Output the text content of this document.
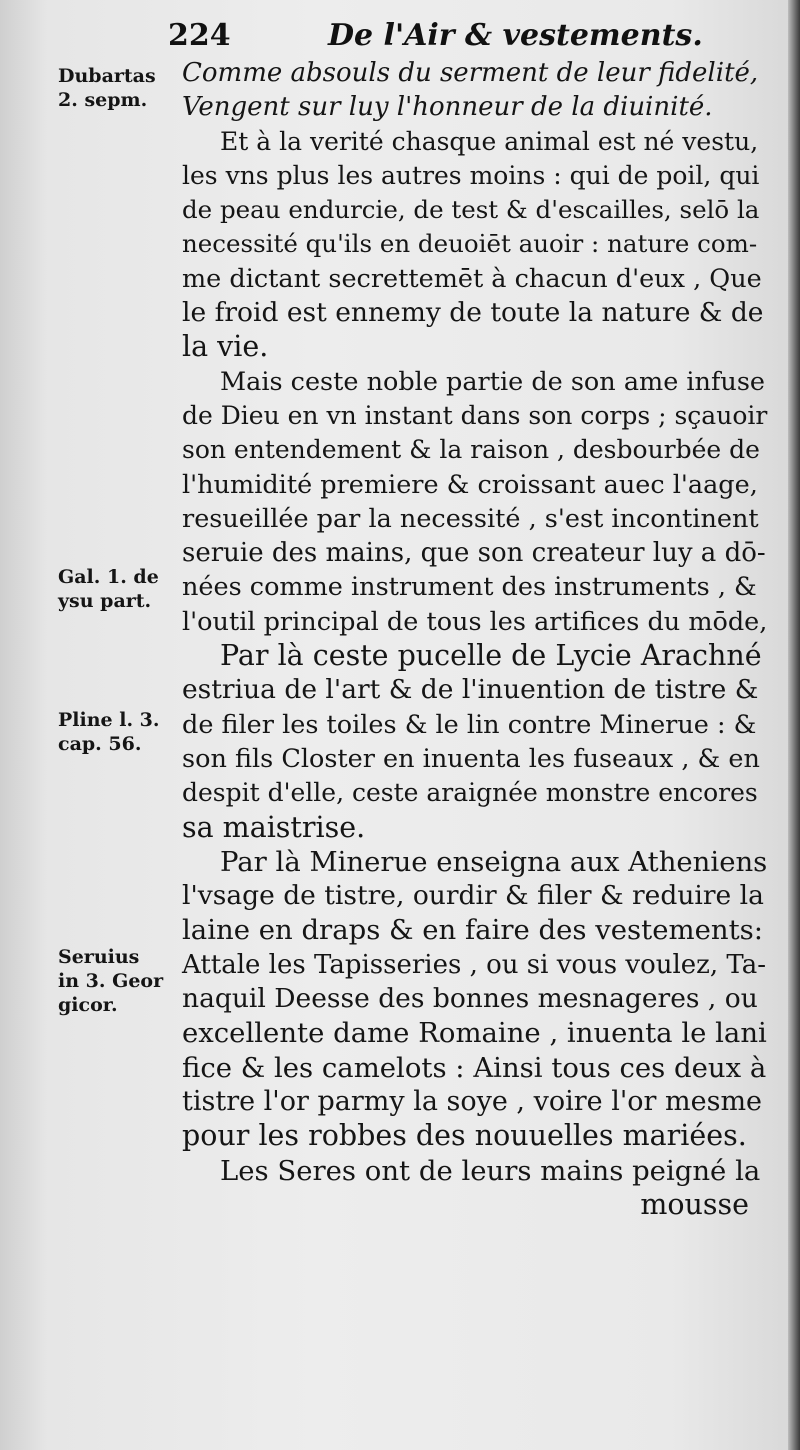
224	De l'Air & vestements.
Dubartas
2. sepm.
Gal. 1. de
ysu part.
Pline l. 3.
cap. 56.
Seruius
in 3. Geor
gicor.
Comme absouls du serment de leur fidelité,
Vengent sur luy l'honneur de la diuinité.
Et à la verité chasque animal est né vestu,
les vns plus les autres moins : qui de poil, qui
de peau endurcie, de test & d'escailles, selō la
necessité qu'ils en deuoiēt auoir : nature com-
me dictant secrettemēt à chacun d'eux , Que
le froid est ennemy de toute la nature & de
la vie.
Mais ceste noble partie de son ame infuse
de Dieu en vn instant dans son corps ; sçauoir
son entendement & la raison , desbourbée de
l'humidité premiere & croissant auec l'aage,
resueillée par la necessité , s'est incontinent
seruie des mains, que son createur luy a dō-
nées comme instrument des instruments , &
l'outil principal de tous les artifices du mōde,
Par là ceste pucelle de Lycie Arachné
estriua de l'art & de l'inuention de tistre &
de filer les toiles & le lin contre Minerue : &
son fils Closter en inuenta les fuseaux , & en
despit d'elle, ceste araignée monstre encores
sa maistrise.
Par là Minerue enseigna aux Atheniens
l'vsage de tistre, ourdir & filer & reduire la
laine en draps & en faire des vestements:
Attale les Tapisseries , ou si vous voulez, Ta-
naquil Deesse des bonnes mesnageres , ou
excellente dame Romaine , inuenta le lani
fice & les camelots : Ainsi tous ces deux à
tistre l'or parmy la soye , voire l'or mesme
pour les robbes des nouuelles mariées.
Les Seres ont de leurs mains peigné la
mousse
